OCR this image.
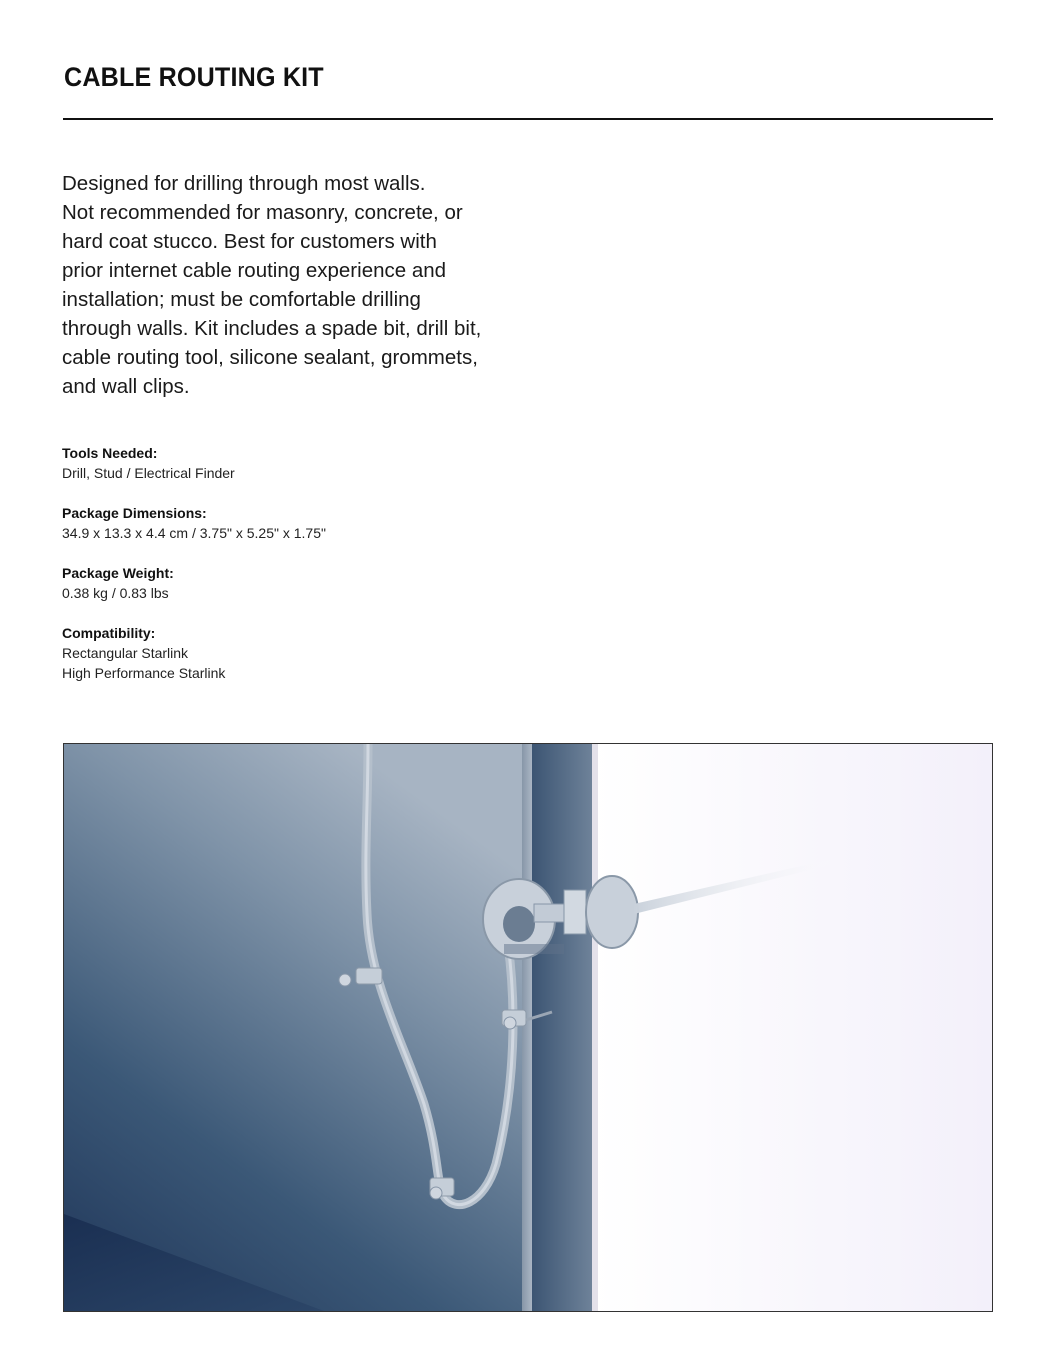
CABLE ROUTING KIT

Designed for drilling through most walls.
Not recommended for masonry, concrete, or
hard coat stucco. Best for customers with
prior internet cable routing experience and
installation; must be comfortable drilling
through walls. Kit includes a spade bit, drill bit,
cable routing tool, silicone sealant, grommets,
and wall clips.

Tools Needed:
Drill, Stud / Electrical Finder
Package Dimensions:
34.9 x 13.3 x 4.4 cm / 3.75" x 5.25" x 1.75"
Package Weight:
0.38 kg / 0.83 lbs
Compatibility:
Rectangular Starlink
High Performance Starlink
